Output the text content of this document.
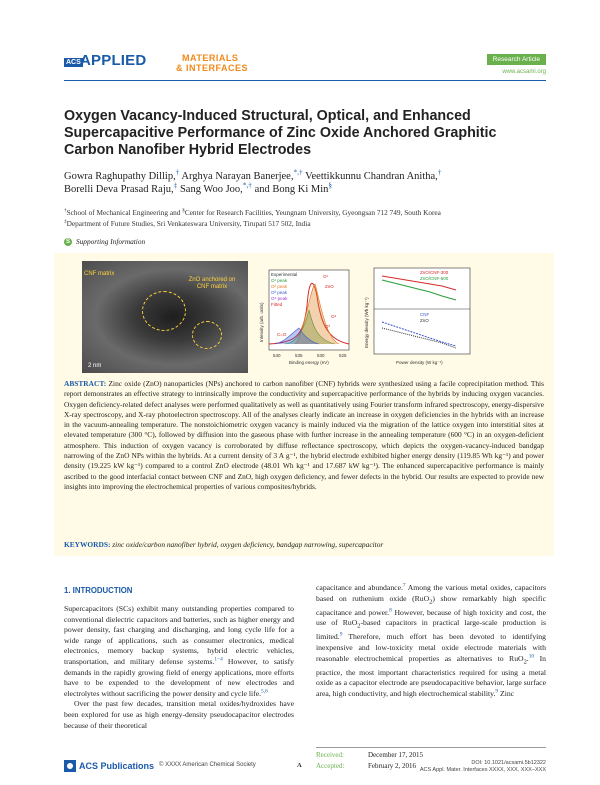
ACS APPLIED	MATERIALS
& INTERFACES
Research Article
www.acsami.org
Oxygen Vacancy-Induced Structural, Optical, and Enhanced Supercapacitive Performance of Zinc Oxide Anchored Graphitic Carbon Nanofiber Hybrid Electrodes
Gowra Raghupathy Dillip,† Arghya Narayan Banerjee,*,† Veettikkunnu Chandran Anitha,†
Borelli Deva Prasad Raju,‡ Sang Woo Joo,*,† and Bong Ki Min§
†School of Mechanical Engineering and §Center for Research Facilities, Yeungnam University, Gyeongsan 712 749, South Korea
‡Department of Future Studies, Sri Venkateswara University, Tirupati 517 502, India
S Supporting Information
CNF matrix
ZnO anchored on CNF matrix
2 nm
Experimental
O¹ peak
O² peak
O³ peak
O⁴ peak
Fitted
O¹
ZnO
O⁴
O³
C=O
540	535	530	525
Binding energy (eV)
Intensity (arb. units)
ZnO/CNF-300
ZnO/CNF-600
CNF
ZnO
Power density (W kg⁻¹)
Energy density (Wh kg⁻¹)
ABSTRACT: Zinc oxide (ZnO) nanoparticles (NPs) anchored to carbon nanofiber (CNF) hybrids were synthesized using a facile coprecipitation method. This report demonstrates an effective strategy to intrinsically improve the conductivity and supercapacitive performance of the hybrids by inducing oxygen vacancies. Oxygen deficiency-related defect analyses were performed qualitatively as well as quantitatively using Fourier transform infrared spectroscopy, energy-dispersive X-ray spectroscopy, and X-ray photoelectron spectroscopy. All of the analyses clearly indicate an increase in oxygen deficiencies in the hybrids with an increase in the vacuum-annealing temperature. The nonstoichiometric oxygen vacancy is mainly induced via the migration of the lattice oxygen into interstitial sites at elevated temperature (300 °C), followed by diffusion into the gaseous phase with further increase in the annealing temperature (600 °C) in an oxygen-deficient atmosphere. This induction of oxygen vacancy is corroborated by diffuse reflectance spectroscopy, which depicts the oxygen-vacancy-induced bandgap narrowing of the ZnO NPs within the hybrids. At a current density of 3 A g⁻¹, the hybrid electrode exhibited higher energy density (119.85 Wh kg⁻¹) and power density (19.225 kW kg⁻¹) compared to a control ZnO electrode (48.01 Wh kg⁻¹ and 17.687 kW kg⁻¹). The enhanced supercapacitive performance is mainly ascribed to the good interfacial contact between CNF and ZnO, high oxygen deficiency, and fewer defects in the hybrid. Our results are expected to provide new insights into improving the electrochemical properties of various composites/hybrids.
KEYWORDS: zinc oxide/carbon nanofiber hybrid, oxygen deficiency, bandgap narrowing, supercapacitor
1. INTRODUCTION

Supercapacitors (SCs) exhibit many outstanding properties compared to conventional dielectric capacitors and batteries, such as higher energy and power density, fast charging and discharging, and long cycle life for a wide range of applications, such as consumer electronics, medical electronics, memory backup systems, hybrid electric vehicles, transportation, and military defense systems.$^{1-4}$ However, to satisfy demands in the rapidly growing field of energy applications, more efforts have to be expended to the development of new electrodes and electrolytes without sacrificing the power density and cycle life.$^{5,6}$

Over the past few decades, transition metal oxides/hydroxides have been explored for use as high energy-density pseudocapacitor electrodes because of their theoretical

capacitance and abundance.$^7$ Among the various metal oxides, capacitors based on ruthenium oxide (RuO$_2$) show remarkably high specific capacitance and power.$^8$ However, because of high toxicity and cost, the use of RuO$_2$-based capacitors in practical large-scale production is limited.$^9$ Therefore, much effort has been devoted to identifying inexpensive and low-toxicity metal oxide electrode materials with reasonable electrochemical properties as alternatives to RuO$_2$.$^{10}$ In practice, the most important characteristics required for using a metal oxide as a capacitor electrode are pseudocapacitive behavior, large surface area, high conductivity, and high electrochemical stability.$^9$ Zinc

Received:	December 17, 2015
Accepted:	February 2, 2016
ACS Publications © XXXX American Chemical Society	A	DOI: 10.1021/acsami.5b12322
ACS Appl. Mater. Interfaces XXXX, XXX, XXX−XXX
